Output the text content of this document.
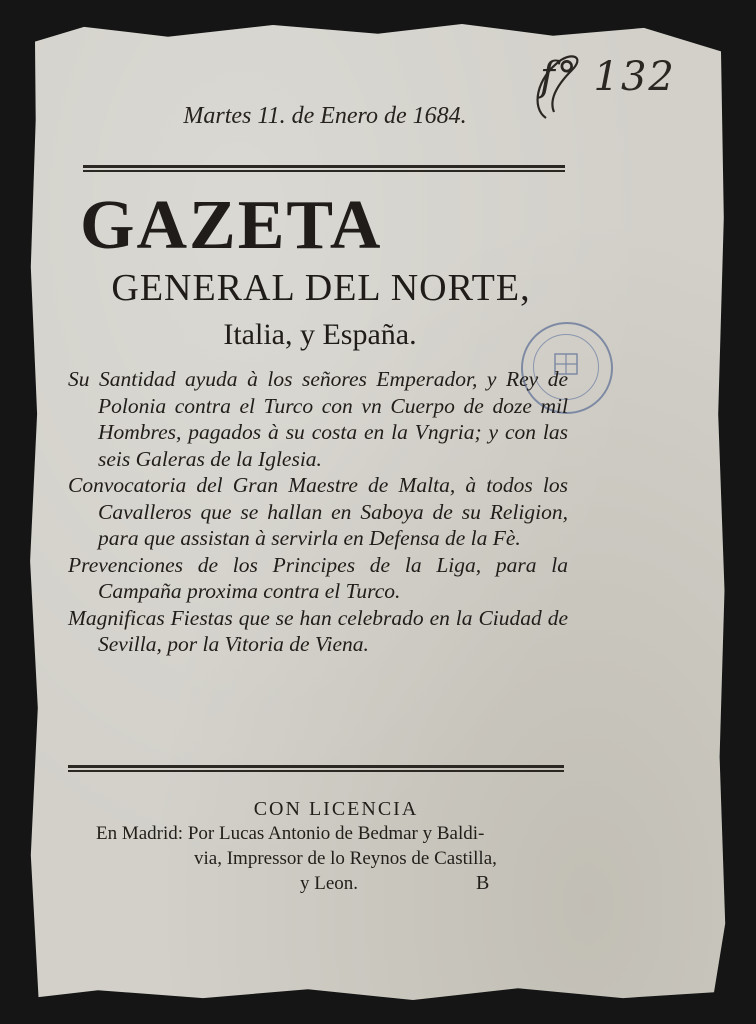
f° 132
Martes 11. de Enero de 1684.
GAZETA
GENERAL DEL NORTE,
Italia, y España.

Su Santidad ayuda à los señores Emperador, y Rey de Polonia contra el Turco con vn Cuerpo de doze mil Hombres, pagados à su costa en la Vngria; y con las seis Galeras de la Iglesia.

Convocatoria del Gran Maestre de Malta, à todos los Cavalleros que se hallan en Saboya de su Religion, para que assistan à servirla en Defensa de la Fè.

Prevenciones de los Principes de la Liga, para la Campaña proxima contra el Turco.

Magnificas Fiestas que se han celebrado en la Ciudad de Sevilla, por la Vitoria de Viena.

CON LICENCIA
En Madrid: Por Lucas Antonio de Bedmar y Baldi-
via, Impressor de lo Reynos de Castilla,
y Leon.	B
